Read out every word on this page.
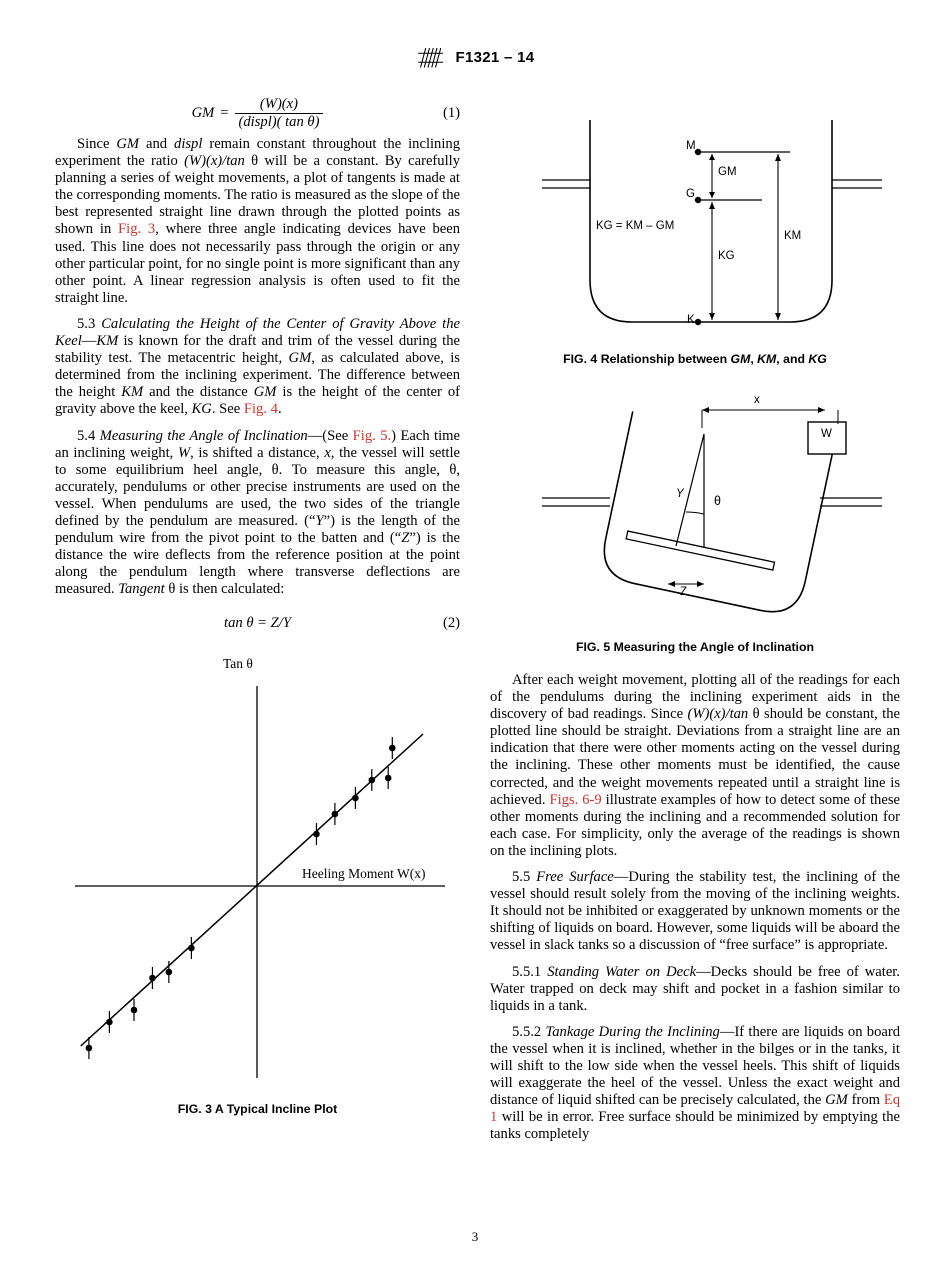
F1321 – 14
GM = $\frac{(W)(x)}{\text{(displ)( tan θ)}}$	(1)

Since GM and displ remain constant throughout the inclining experiment the ratio (W)(x)/tan θ will be a constant. By carefully planning a series of weight movements, a plot of tangents is made at the corresponding moments. The ratio is measured as the slope of the best represented straight line drawn through the plotted points as shown in Fig. 3, where three angle indicating devices have been used. This line does not necessarily pass through the origin or any other particular point, for no single point is more significant than any other point. A linear regression analysis is often used to fit the straight line.

5.3 Calculating the Height of the Center of Gravity Above the Keel—KM is known for the draft and trim of the vessel during the stability test. The metacentric height, GM, as calculated above, is determined from the inclining experiment. The difference between the height KM and the distance GM is the height of the center of gravity above the keel, KG. See Fig. 4.

5.4 Measuring the Angle of Inclination—(See Fig. 5.) Each time an inclining weight, W, is shifted a distance, x, the vessel will settle to some equilibrium heel angle, θ. To measure this angle, θ, accurately, pendulums or other precise instruments are used on the vessel. When pendulums are used, the two sides of the triangle defined by the pendulum are measured. (“Y”) is the length of the pendulum wire from the pivot point to the batten and (“Z”) is the distance the wire deflects from the reference position at the point along the pendulum length where transverse deflections are measured. Tangent θ is then calculated:

tan θ = Z/Y	(2)
Tan θ
Heeling Moment W(x)
FIG. 3 A Typical Incline Plot
M
G
K
GM
KG
KM
KG = KM – GM
FIG. 4 Relationship between GM, KM, and KG
x
W
Y θ
Z
FIG. 5 Measuring the Angle of Inclination

After each weight movement, plotting all of the readings for each of the pendulums during the inclining experiment aids in the discovery of bad readings. Since (W)(x)/tan θ should be constant, the plotted line should be straight. Deviations from a straight line are an indication that there were other moments acting on the vessel during the inclining. These other moments must be identified, the cause corrected, and the weight movements repeated until a straight line is achieved. Figs. 6-9 illustrate examples of how to detect some of these other moments during the inclining and a recommended solution for each case. For simplicity, only the average of the readings is shown on the inclining plots.

5.5 Free Surface—During the stability test, the inclining of the vessel should result solely from the moving of the inclining weights. It should not be inhibited or exaggerated by unknown moments or the shifting of liquids on board. However, some liquids will be aboard the vessel in slack tanks so a discussion of “free surface” is appropriate.

5.5.1 Standing Water on Deck—Decks should be free of water. Water trapped on deck may shift and pocket in a fashion similar to liquids in a tank.

5.5.2 Tankage During the Inclining—If there are liquids on board the vessel when it is inclined, whether in the bilges or in the tanks, it will shift to the low side when the vessel heels. This shift of liquids will exaggerate the heel of the vessel. Unless the exact weight and distance of liquid shifted can be precisely calculated, the GM from Eq 1 will be in error. Free surface should be minimized by emptying the tanks completely

3
